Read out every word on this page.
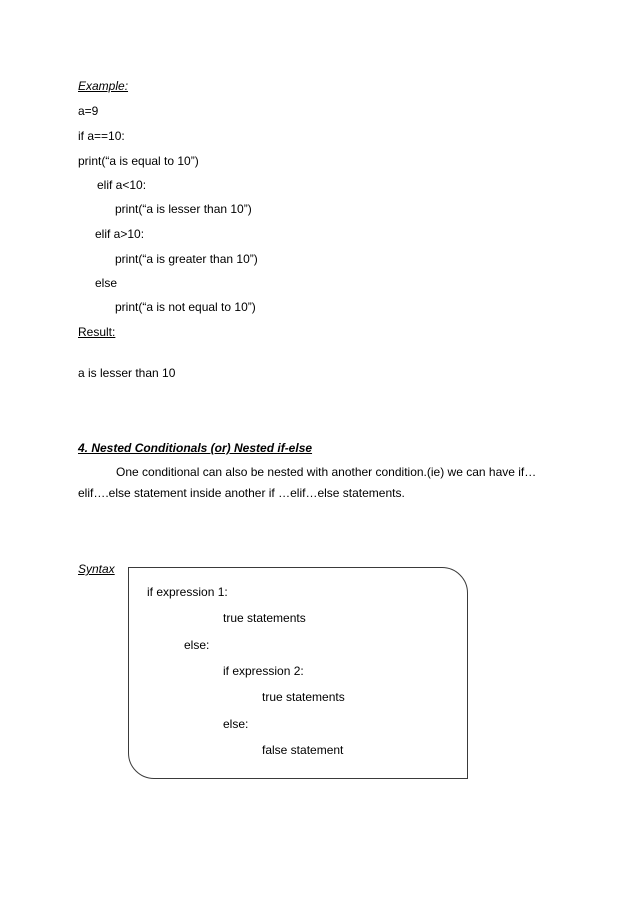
Example:
a=9
if a==10:
print(“a is equal to 10”)
elif a<10:
print(“a is lesser than 10”)
elif a>10:
print(“a is greater than 10”)
else
print(“a is not equal to 10”)
Result:
a is lesser than 10
4. Nested Conditionals (or) Nested if-else
One conditional can also be nested with another condition.(ie) we can have if…elif….else statement inside another if …elif…else statements.
Syntax
if expression 1:
true statements
else:
if expression 2:
true statements
else:
false statement
